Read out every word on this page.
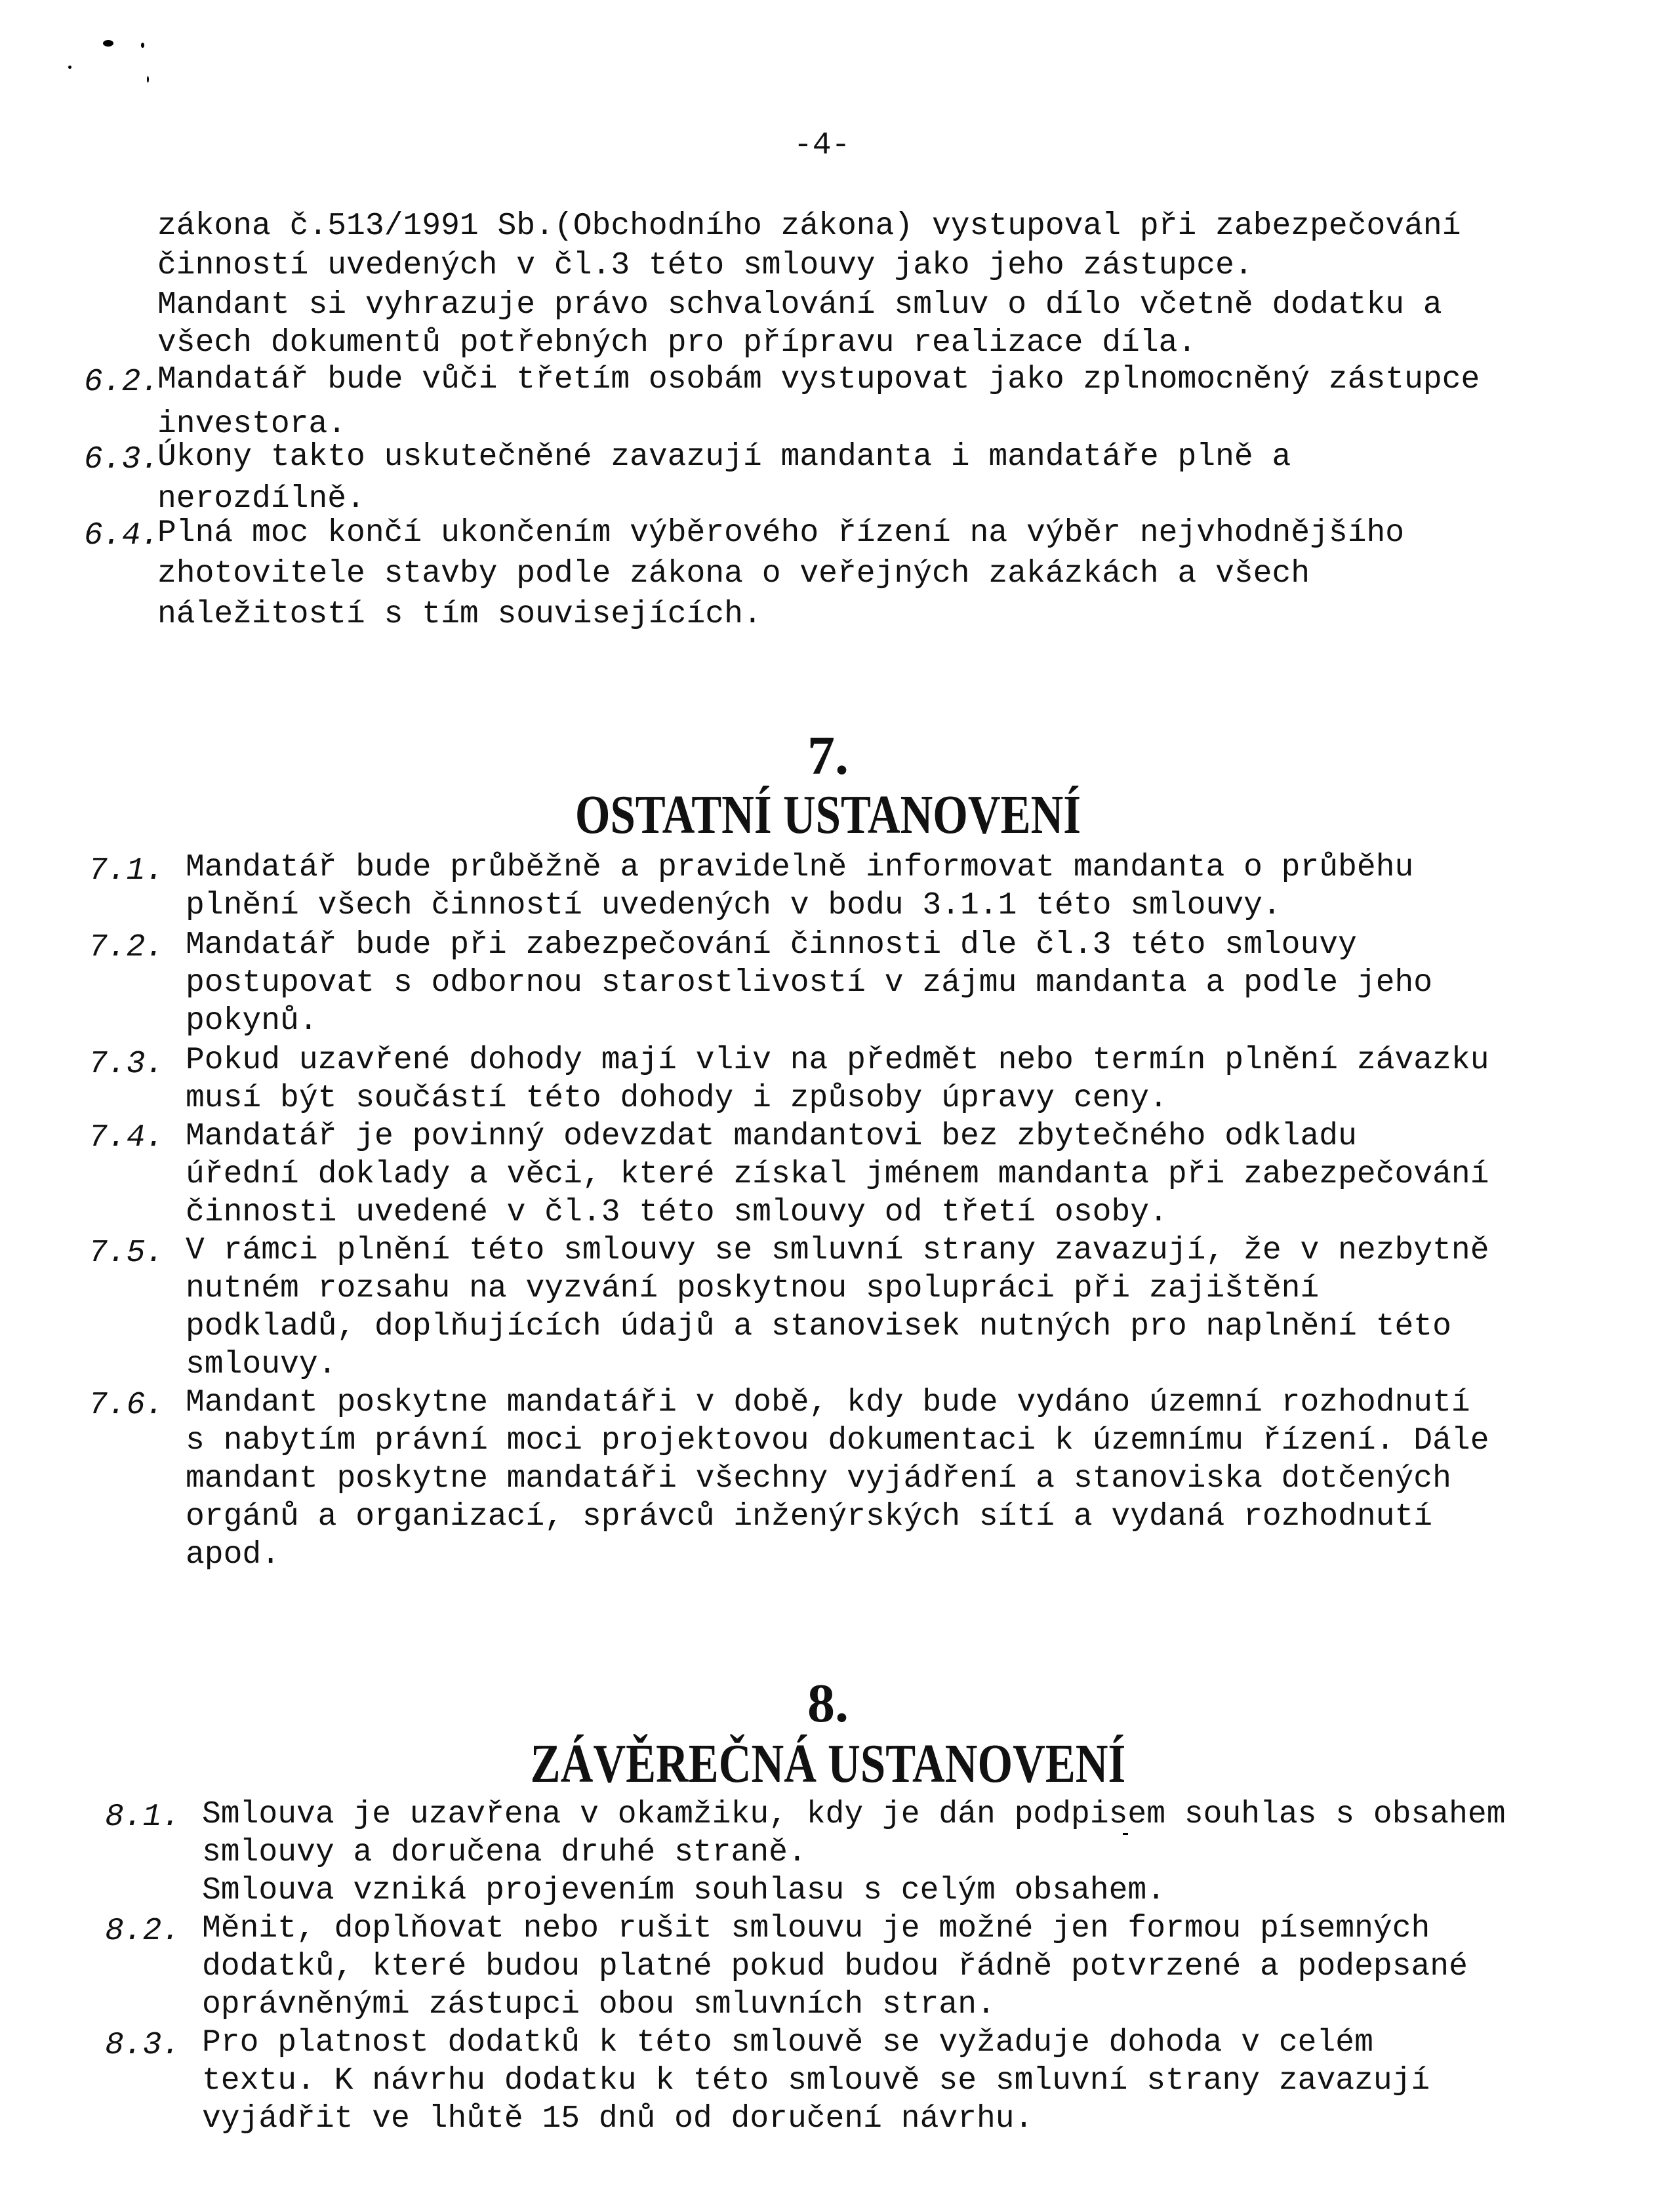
-4-
zákona č.513/1991 Sb.(Obchodního zákona) vystupoval při zabezpečování
činností uvedených v čl.3 této smlouvy jako jeho zástupce.
Mandant si vyhrazuje právo schvalování smluv o dílo včetně dodatku a
všech dokumentů potřebných pro přípravu realizace díla.
6.2.
Mandatář bude vůči třetím osobám vystupovat jako zplnomocněný zástupce
investora.
6.3.
Úkony takto uskutečněné zavazují mandanta i mandatáře plně a
nerozdílně.
6.4.
Plná moc končí ukončením výběrového řízení na výběr nejvhodnějšího
zhotovitele stavby podle zákona o veřejných zakázkách a všech
náležitostí s tím souvisejících.
7.
OSTATNÍ USTANOVENÍ
7.1. Mandatář bude průběžně a pravidelně informovat mandanta o průběhu
plnění všech činností uvedených v bodu 3.1.1 této smlouvy.
7.2. Mandatář bude při zabezpečování činnosti dle čl.3 této smlouvy
postupovat s odbornou starostlivostí v zájmu mandanta a podle jeho
pokynů.
7.3. Pokud uzavřené dohody mají vliv na předmět nebo termín plnění závazku
musí být součástí této dohody i způsoby úpravy ceny.
7.4. Mandatář je povinný odevzdat mandantovi bez zbytečného odkladu
úřední doklady a věci, které získal jménem mandanta při zabezpečování
činnosti uvedené v čl.3 této smlouvy od třetí osoby.
7.5. V rámci plnění této smlouvy se smluvní strany zavazují, že v nezbytně
nutném rozsahu na vyzvání poskytnou spolupráci při zajištění
podkladů, doplňujících údajů a stanovisek nutných pro naplnění této
smlouvy.
7.6. Mandant poskytne mandatáři v době, kdy bude vydáno územní rozhodnutí
s nabytím právní moci projektovou dokumentaci k územnímu řízení. Dále
mandant poskytne mandatáři všechny vyjádření a stanoviska dotčených
orgánů a organizací, správců inženýrských sítí a vydaná rozhodnutí
apod.
8.
ZÁVĚREČNÁ USTANOVENÍ
8.1. Smlouva je uzavřena v okamžiku, kdy je dán podpisem souhlas s obsahem
smlouvy a doručena druhé straně.
Smlouva vzniká projevením souhlasu s celým obsahem.
8.2. Měnit, doplňovat nebo rušit smlouvu je možné jen formou písemných
dodatků, které budou platné pokud budou řádně potvrzené a podepsané
oprávněnými zástupci obou smluvních stran.
8.3. Pro platnost dodatků k této smlouvě se vyžaduje dohoda v celém
textu. K návrhu dodatku k této smlouvě se smluvní strany zavazují
vyjádřit ve lhůtě 15 dnů od doručení návrhu.
